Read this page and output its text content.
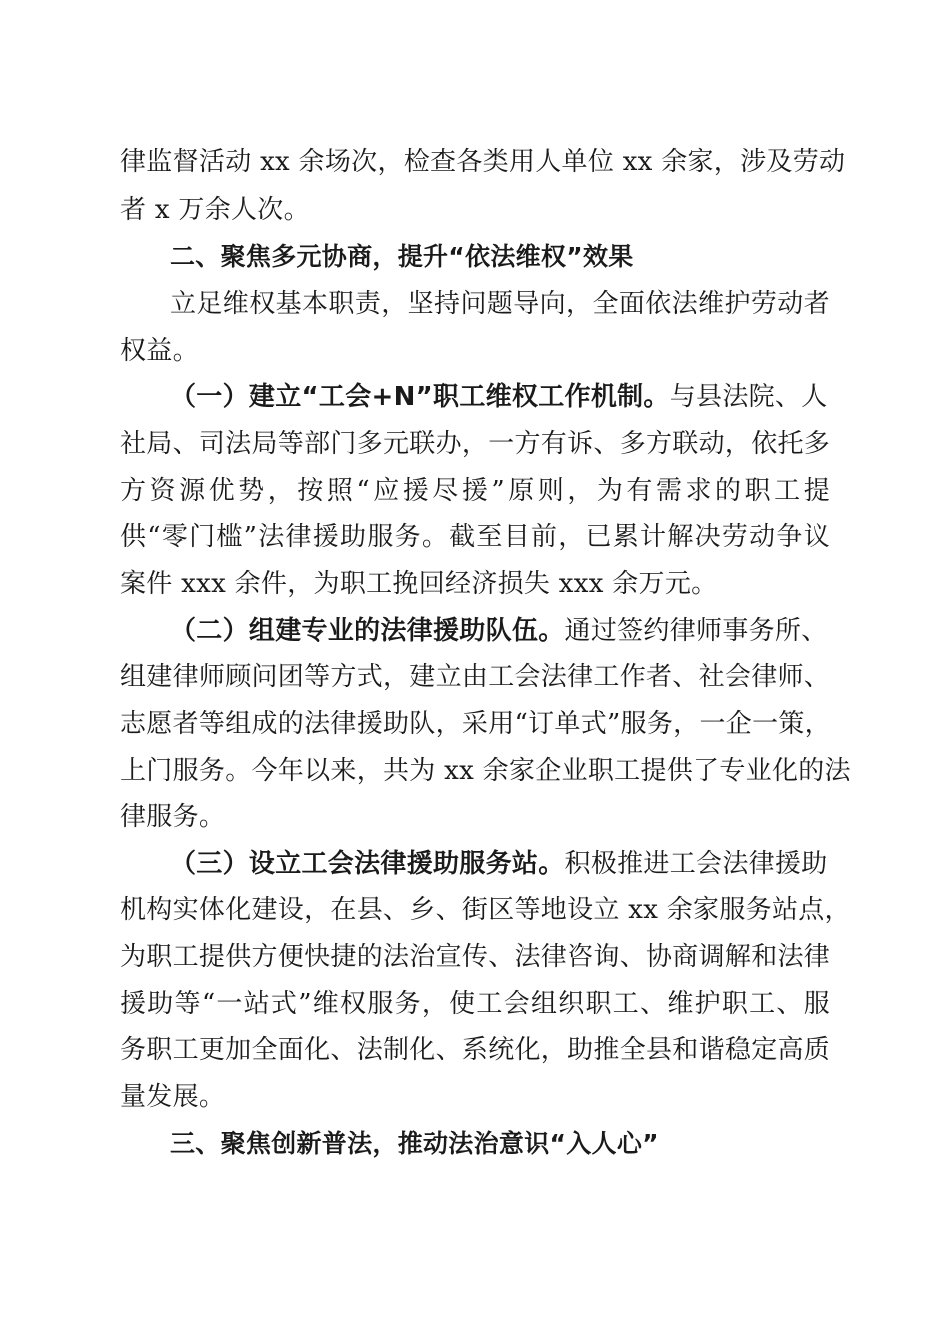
律监督活动 xx 余场次，检查各类用人单位 xx 余家，涉及劳动
者 x 万余人次。
二、聚焦多元协商，提升“依法维权”效果
立足维权基本职责，坚持问题导向，全面依法维护劳动者
权益。
（一）建立“工会+N”职工维权工作机制。与县法院、人
社局、司法局等部门多元联办，一方有诉、多方联动，依托多
方资源优势，按照“应援尽援”原则，为有需求的职工提
供“零门槛”法律援助服务。截至目前，已累计解决劳动争议
案件 xxx 余件，为职工挽回经济损失 xxx 余万元。
（二）组建专业的法律援助队伍。通过签约律师事务所、
组建律师顾问团等方式，建立由工会法律工作者、社会律师、
志愿者等组成的法律援助队，采用“订单式”服务，一企一策，
上门服务。今年以来，共为 xx 余家企业职工提供了专业化的法
律服务。
（三）设立工会法律援助服务站。积极推进工会法律援助
机构实体化建设，在县、乡、街区等地设立 xx 余家服务站点，
为职工提供方便快捷的法治宣传、法律咨询、协商调解和法律
援助等“一站式”维权服务，使工会组织职工、维护职工、服
务职工更加全面化、法制化、系统化，助推全县和谐稳定高质
量发展。
三、聚焦创新普法，推动法治意识“入人心”
